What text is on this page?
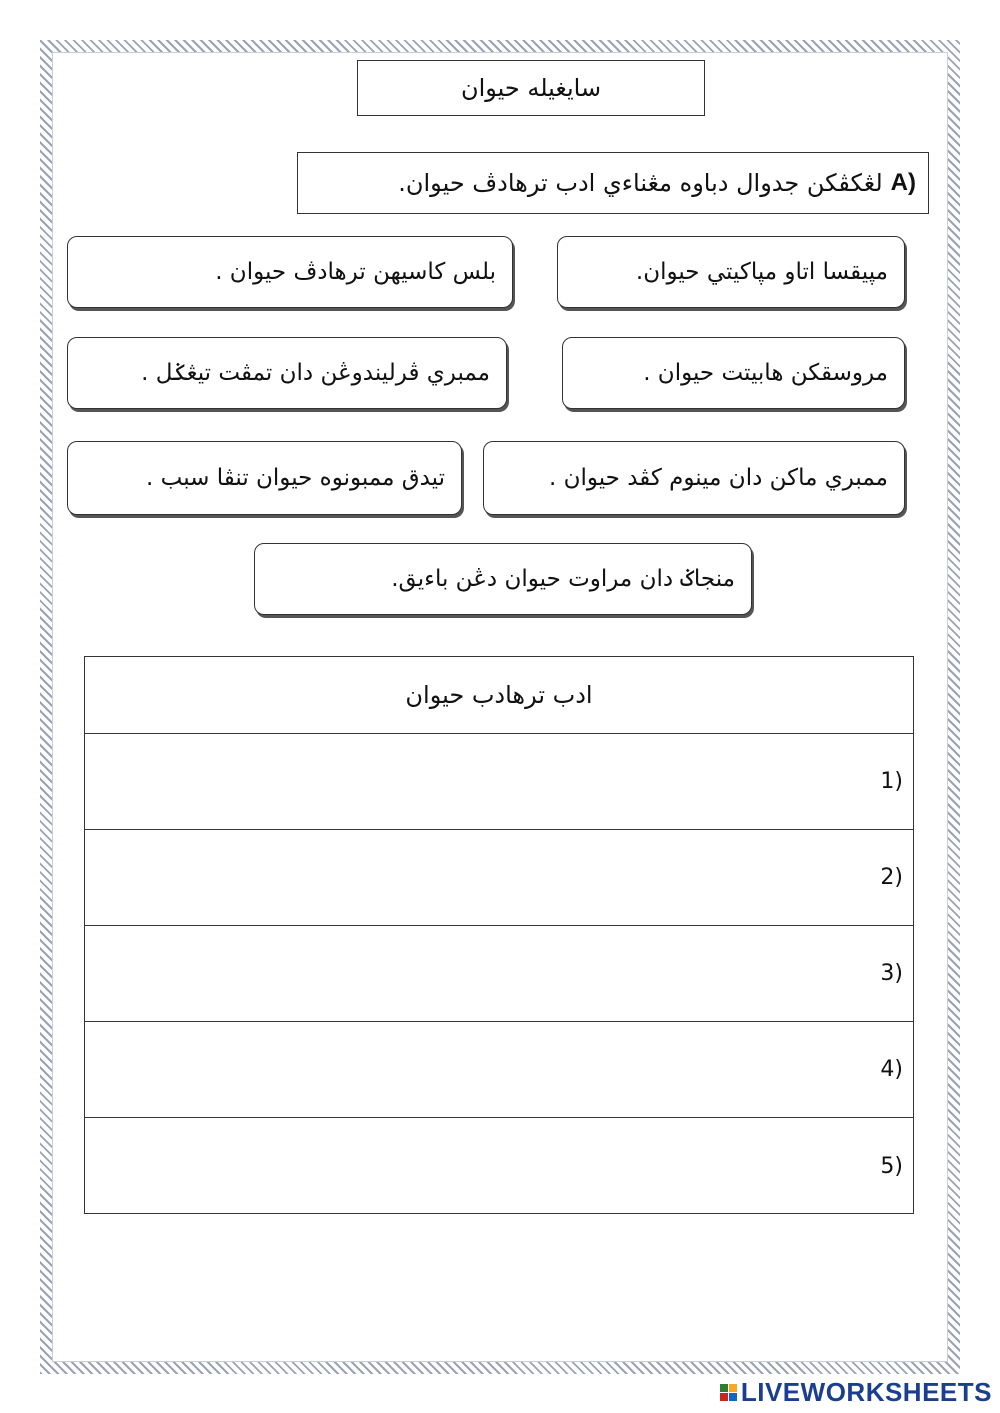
سايغيله حيوان
A)
لڠكڤكن جدوال دباوه مڠناءي ادب ترهادڤ حيوان.
مپيقسا اتاو مپاكيتي حيوان.
بلس كاسيهن ترهادڤ حيوان .
مروسقكن هابيتت حيوان .
ممبري ڤرليندوڠن دان تمڤت تيڠݢل .
ممبري ماكن دان مينوم كڤد حيوان .
تيدق ممبونوه حيوان تنڤا سبب .
منجاݢ دان مراوت حيوان دڠن باءيق.
ادب ترهادب حيوان
1)
2)
3)
4)
5)
LIVEWORKSHEETS
